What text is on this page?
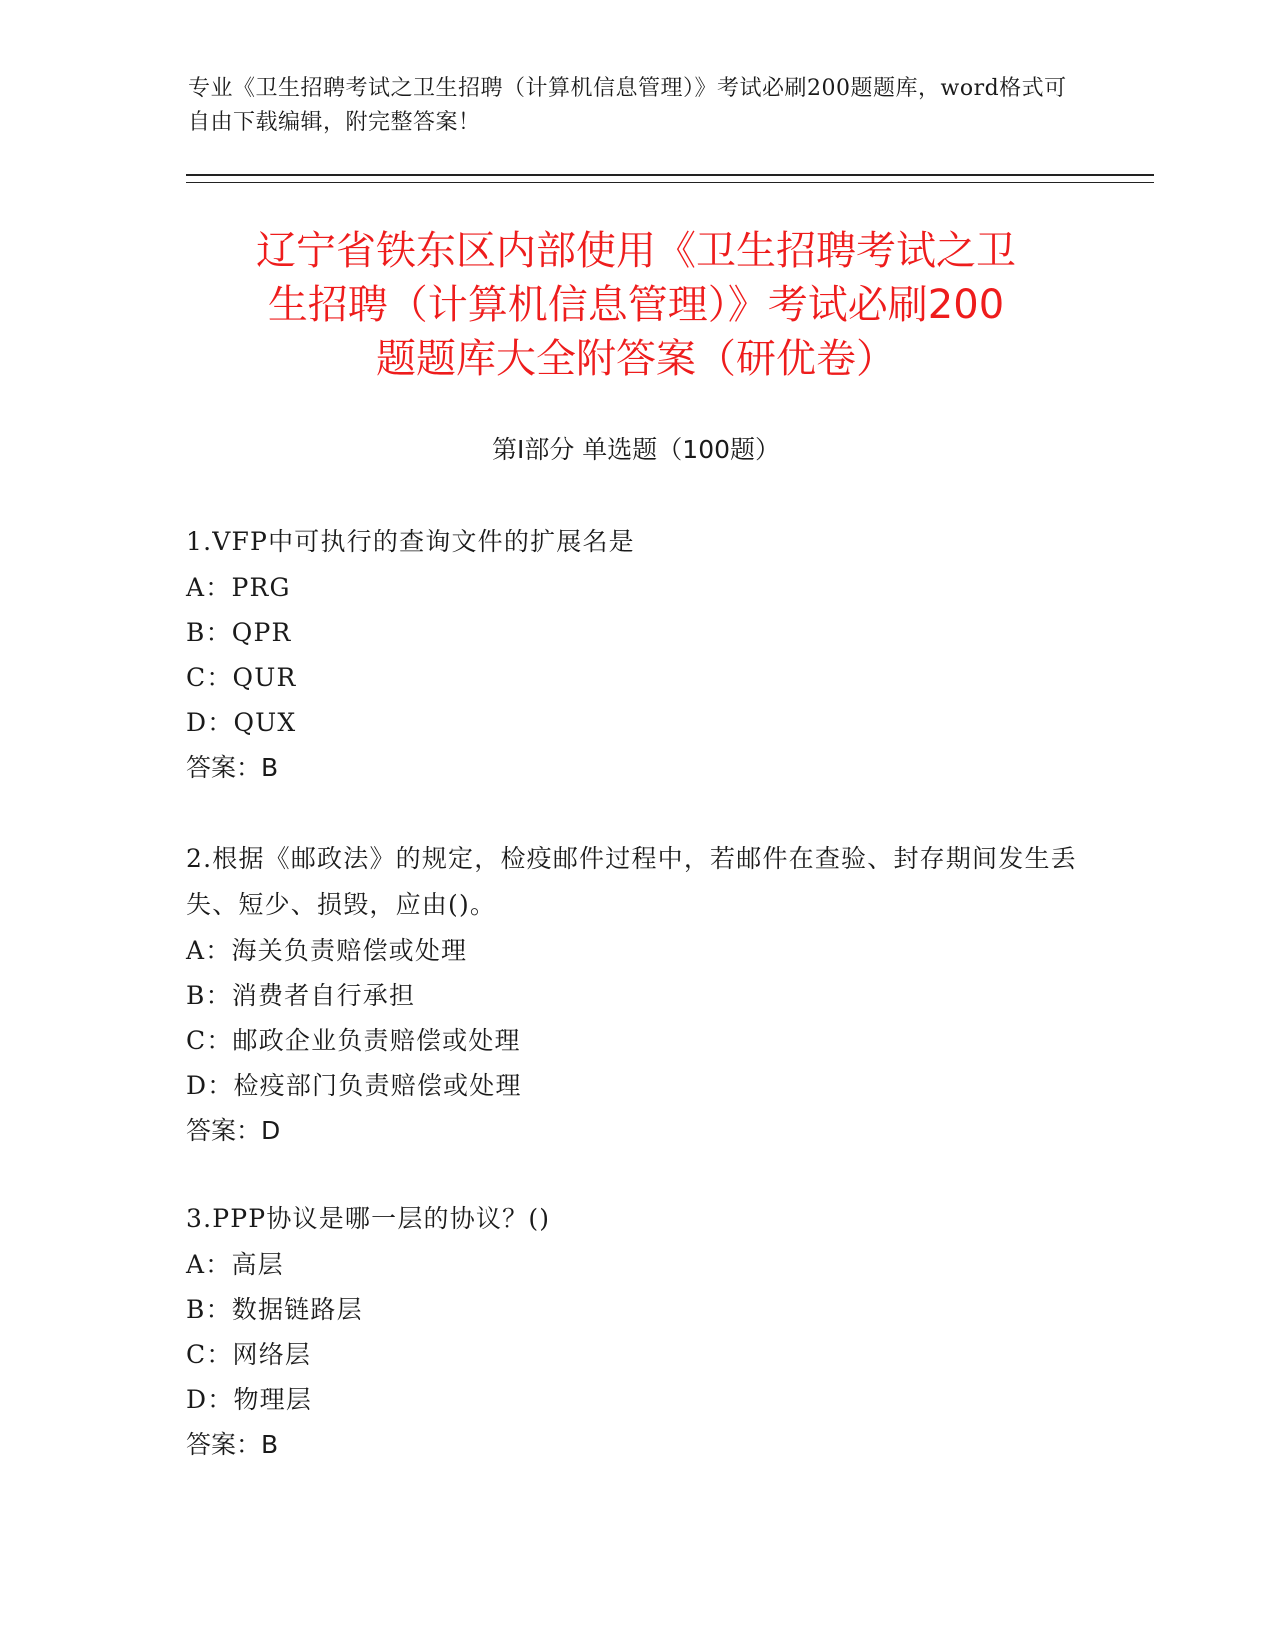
专业《卫生招聘考试之卫生招聘（计算机信息管理）》考试必刷200题题库，word格式可自由下载编辑，附完整答案！
辽宁省铁东区内部使用《卫生招聘考试之卫
生招聘（计算机信息管理）》考试必刷200
题题库大全附答案（研优卷）
第Ⅰ部分 单选题（100题）

1.VFP中可执行的查询文件的扩展名是

A：PRG

B：QPR

C：QUR

D：QUX

答案：B

2.根据《邮政法》的规定，检疫邮件过程中，若邮件在查验、封存期间发生丢失、短少、损毁，应由()。

A：海关负责赔偿或处理

B：消费者自行承担

C：邮政企业负责赔偿或处理

D：检疫部门负责赔偿或处理

答案：D

3.PPP协议是哪一层的协议？()

A：高层

B：数据链路层

C：网络层

D：物理层

答案：B
